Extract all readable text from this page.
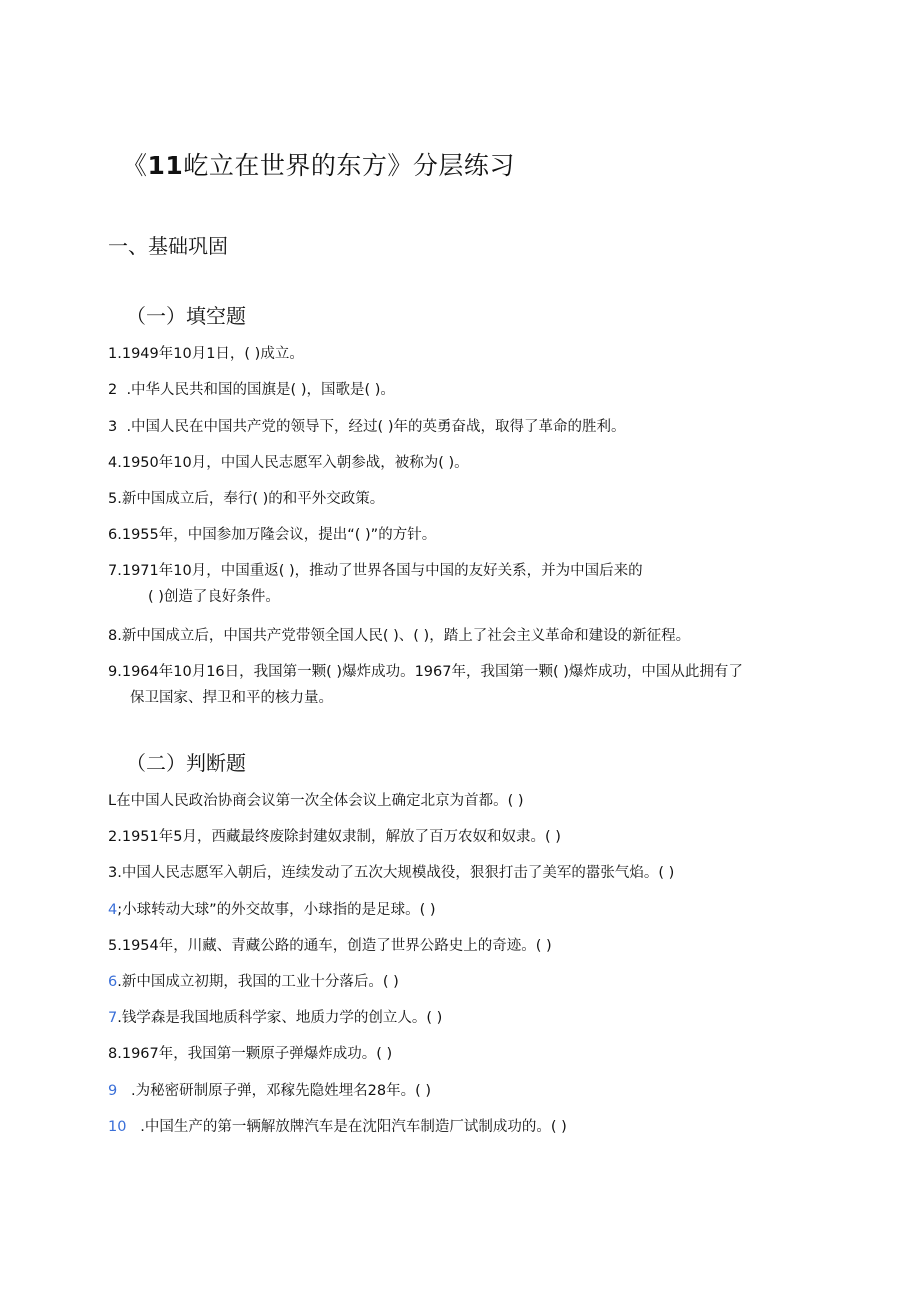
《11屹立在世界的东方》分层练习
一、基础巩固
（一）填空题
1.1949年10月1日，( )成立。
2  .中华人民共和国的国旗是( )，国歌是( )。
3  .中国人民在中国共产党的领导下，经过( )年的英勇奋战，取得了革命的胜利。
4.1950年10月，中国人民志愿军入朝参战，被称为( )。
5.新中国成立后，奉行( )的和平外交政策。
6.1955年，中国参加万隆会议，提出“( )”的方针。
7.1971年10月，中国重返( )，推动了世界各国与中国的友好关系，并为中国后来的
( )创造了良好条件。
8.新中国成立后，中国共产党带领全国人民( )、( )，踏上了社会主义革命和建设的新征程。
9.1964年10月16日，我国第一颗( )爆炸成功。1967年，我国第一颗( )爆炸成功，中国从此拥有了
保卫国家、捍卫和平的核力量。
（二）判断题
L在中国人民政治协商会议第一次全体会议上确定北京为首都。( )
2.1951年5月，西藏最终废除封建奴隶制，解放了百万农奴和奴隶。( )
3.中国人民志愿军入朝后，连续发动了五次大规模战役，狠狠打击了美军的嚣张气焰。( )
4;小球转动大球”的外交故事，小球指的是足球。( )
5.1954年，川藏、青藏公路的通车，创造了世界公路史上的奇迹。( )
6.新中国成立初期，我国的工业十分落后。( )
7.钱学森是我国地质科学家、地质力学的创立人。( )
8.1967年，我国第一颗原子弹爆炸成功。( )
9   .为秘密研制原子弹，邓稼先隐姓埋名28年。( )
10   .中国生产的第一辆解放牌汽车是在沈阳汽车制造厂试制成功的。( )
